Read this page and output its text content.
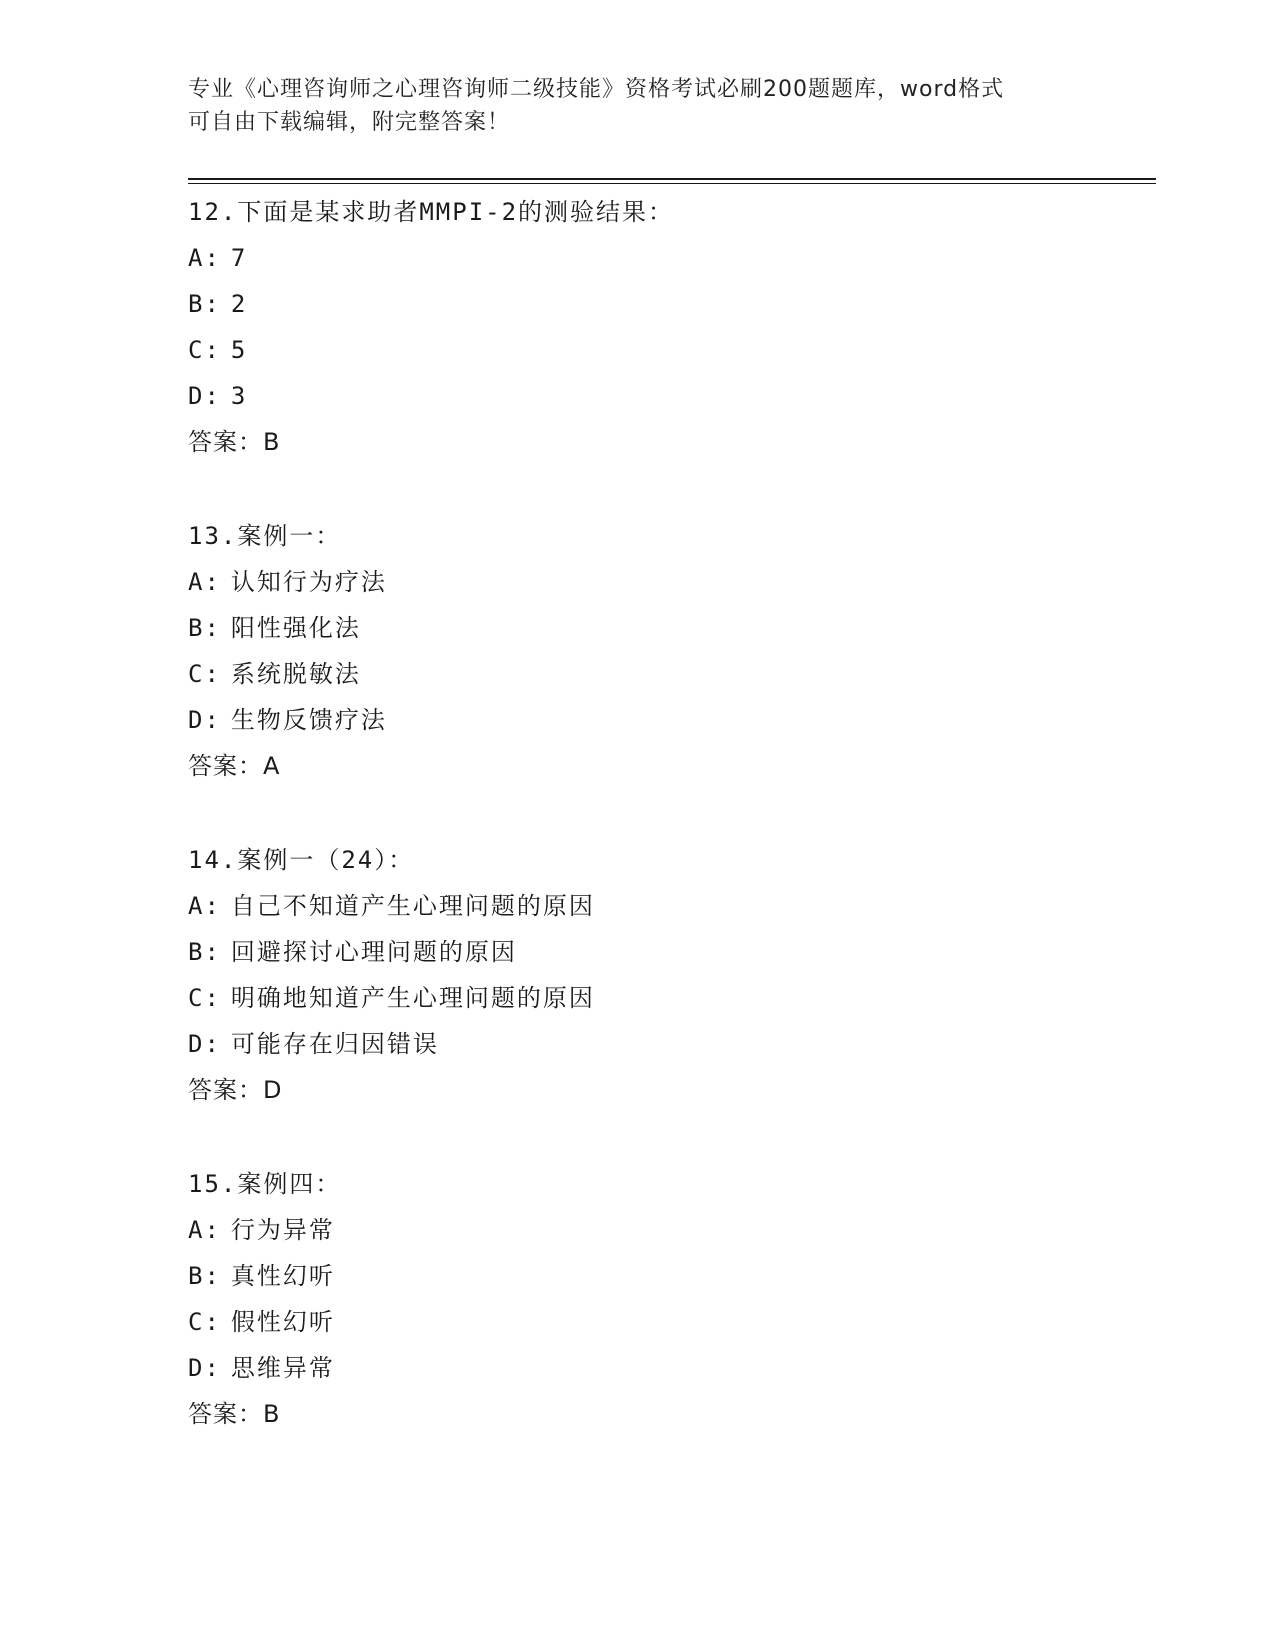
专业《心理咨询师之心理咨询师二级技能》资格考试必刷200题题库，word格式
可自由下载编辑，附完整答案！
12.下面是某求助者MMPI-2的测验结果：
A: 7
B: 2
C: 5
D: 3
答案：B
13.案例一：
A: 认知行为疗法
B: 阳性强化法
C: 系统脱敏法
D: 生物反馈疗法
答案：A
14.案例一（24）：
A: 自己不知道产生心理问题的原因
B: 回避探讨心理问题的原因
C: 明确地知道产生心理问题的原因
D: 可能存在归因错误
答案：D
15.案例四：
A: 行为异常
B: 真性幻听
C: 假性幻听
D: 思维异常
答案：B
